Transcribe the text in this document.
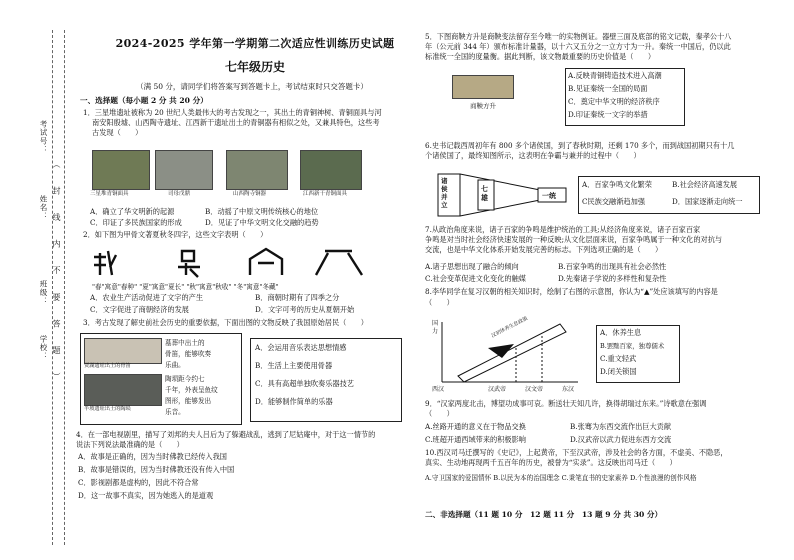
考试号：
姓名：
班级：
学校： （ 封 线 内 不 要 答 题 ）
2024-2025 学年第一学期第二次适应性训练历史试题
七年级历史
（满 50 分，请同学们将答案写到答题卡上，考试结束时只交答题卡）
一、选择题（每小题 2 分 共 20 分）
1．三星堆遗址被称为 20 世纪人类最伟大的考古发现之一，其出土的青铜神树、青铜面具与河
南安阳殷墟、山西陶寺遗址、江西新干遗址出土的青铜器有相似之处，又兼具特色，这些考
古发现（　　）
三星堆青铜面具	司母戊鼎	山西陶寺铜器	江西新干青铜面具
A．确立了华文明新的起源	B．动摇了中原文明传统核心的地位
C．印证了多民族国家的形成	D．见证了中华文明文化交融的趋势
2．如下图为甲骨文著夏秋冬四字，这些文字表明（　　）
"春"寓意"春种" "夏"寓意"夏长" "秋"寓意"秋收" "冬"寓意"冬藏"
A．农业生产活动促进了文字的产生	B．商朝时期有了四季之分
C．文字促进了商朝经济的发展	D．文字可考的历史从夏朝开始
3．考古发现了解史前社会历史的重要依据，下面出图的文物反映了我国原始居民（　　）
贾湖遗址出土的骨笛
墓葬中出土的
骨笛，能够吹奏
乐曲。
半坡遗址出土的陶埙
陶埙距今约七
千年，外表呈鱼纹
图形，能够发出
乐音。
A．会运用音乐表达思想情感
B．生活上主要使用骨器
C．具有高超单独吹奏乐器技艺
D．能够制作简单的乐器
4．在一部电视剧里，描写了刘邦的夫人吕后为了躲避战乱，逃到了尼姑庵中，对于这一情节的
说法下列说法最准确的是（　　）
A．故事是正确的，因为当时佛教已经传入我国
B．故事是错误的，因为当时佛教还没有传入中国
C．影视剧都是虚构的，因此不符合常
D．这一故事不真实，因为她逃入的是道观
5．下图商鞅方升是商鞅变法留存至今唯一的实物例证。器壁三面及底部的铭文记载，秦孝公十八
年（公元前 344 年）颁布标准计量器，以十六又五分之一立方寸为一升。秦统一中国后，仍以此
标准统一全国的度量衡。据此判断，该文物最重要的历史价值是（　　）
商鞅方升
A.反映青铜铸造技术进入高潮
B.见证秦统一全国的局面
C．奠定中华文明的经济秩序
D.印证秦统一文字的举措
6.史书记载西周初年有 800 多个诸侯国，到了春秋时期，还剩 170 多个，而到战国初期只有十几
个诸侯国了，最终知图所示，这表明在争霸与兼并的过程中（　　）
诸侯并立
七雄	一统
A．百家争鸣文化繁荣	B.社会经济高速发展
C民族交融渐趋加强	D．国家逐渐走向统一
7.从政治角度来说，诸子百家的争鸣是维护统治的工具;从经济角度来说，诸子百家百家
争鸣是对当时社会经济快速发展的一种反映;从文化层面来说，百家争鸣属于一种文化的对抗与
交流，也是中华文化体系开始发展完善的标志。下列选项正确的是（　　）
A.诸子思想出现了融合的倾向	B.百家争鸣的出现具有社会必然性
C.社会变革促进文化变化的触媒	D.先秦诸子学说的多样性和复杂性
8.李华同学在复习汉朝的相关知识时，绘制了右图的示意图，你认为“▲”处应该填写的内容是
（　　）
国力
西汉	汉武帝	汉文帝	东汉
汉初休养生息政策	A．休养生息
B.罢黜百家，独尊儒术
C.重文轻武
D.闭关锁国
9．“汉家两度北击，博望功成事可哀。断送壮天知几许，换得胡瑞过东来。”诗歌意在强调
（　　）
A.丝路开通的意义在于物品交换	B.张骞为东西交流作出巨大贡献
C.班超开通西域带来的积极影响	D.汉武帝以武力促进东西方交流
10.西汉司马迁撰写的《史记》，上起黄帝，下至汉武帝，涉及社会的各方面，不虚美、不隐恶，
真实、生动地再现两千五百年的历史，被誉为“实录”。这反映出司马迁（　　）
A.守卫国家的爱国情怀 B.以民为本的治国理念 C.秉笔直书的史家素养 D.个性浪漫的创作风格
二、非选择题（11 题 10 分　12 题 11 分　13 题 9 分 共 30 分）
